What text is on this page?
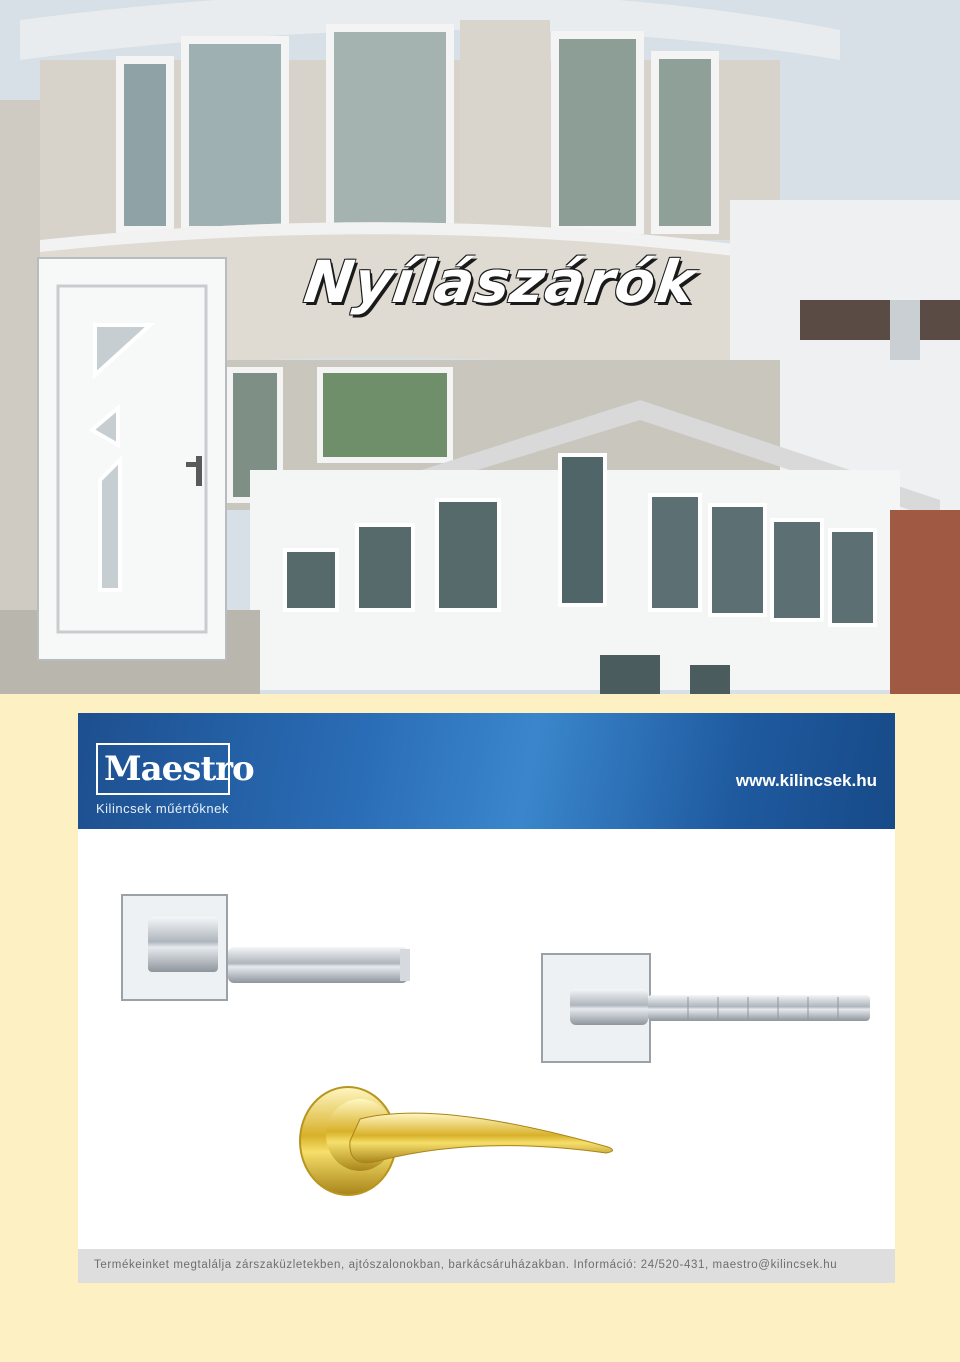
Nyílászárók
Maestro
Kilincsek műértőknek
www.kilincsek.hu
Termékeinket megtalálja zárszaküzletekben, ajtószalonokban, barkácsáruházakban. Információ: 24/520-431, maestro@kilincsek.hu
